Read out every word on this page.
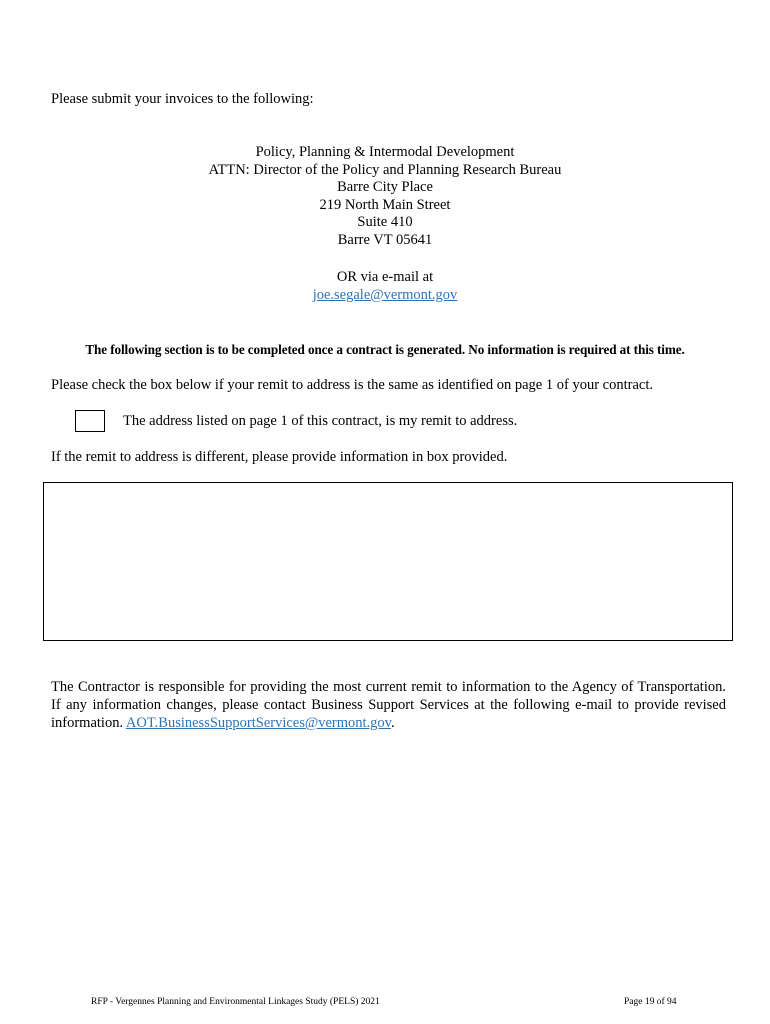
Please submit your invoices to the following:
Policy, Planning & Intermodal Development
ATTN: Director of the Policy and Planning Research Bureau
Barre City Place
219 North Main Street
Suite 410
Barre VT 05641
OR via e-mail at
joe.segale@vermont.gov
The following section is to be completed once a contract is generated. No information is required at this time.
Please check the box below if your remit to address is the same as identified on page 1 of your contract.
The address listed on page 1 of this contract, is my remit to address.
If the remit to address is different, please provide information in box provided.
The Contractor is responsible for providing the most current remit to information to the Agency of Transportation. If any information changes, please contact Business Support Services at the following e-mail to provide revised information. AOT.BusinessSupportServices@vermont.gov.
RFP - Vergennes Planning and Environmental Linkages Study (PELS) 2021	Page 19 of 94
